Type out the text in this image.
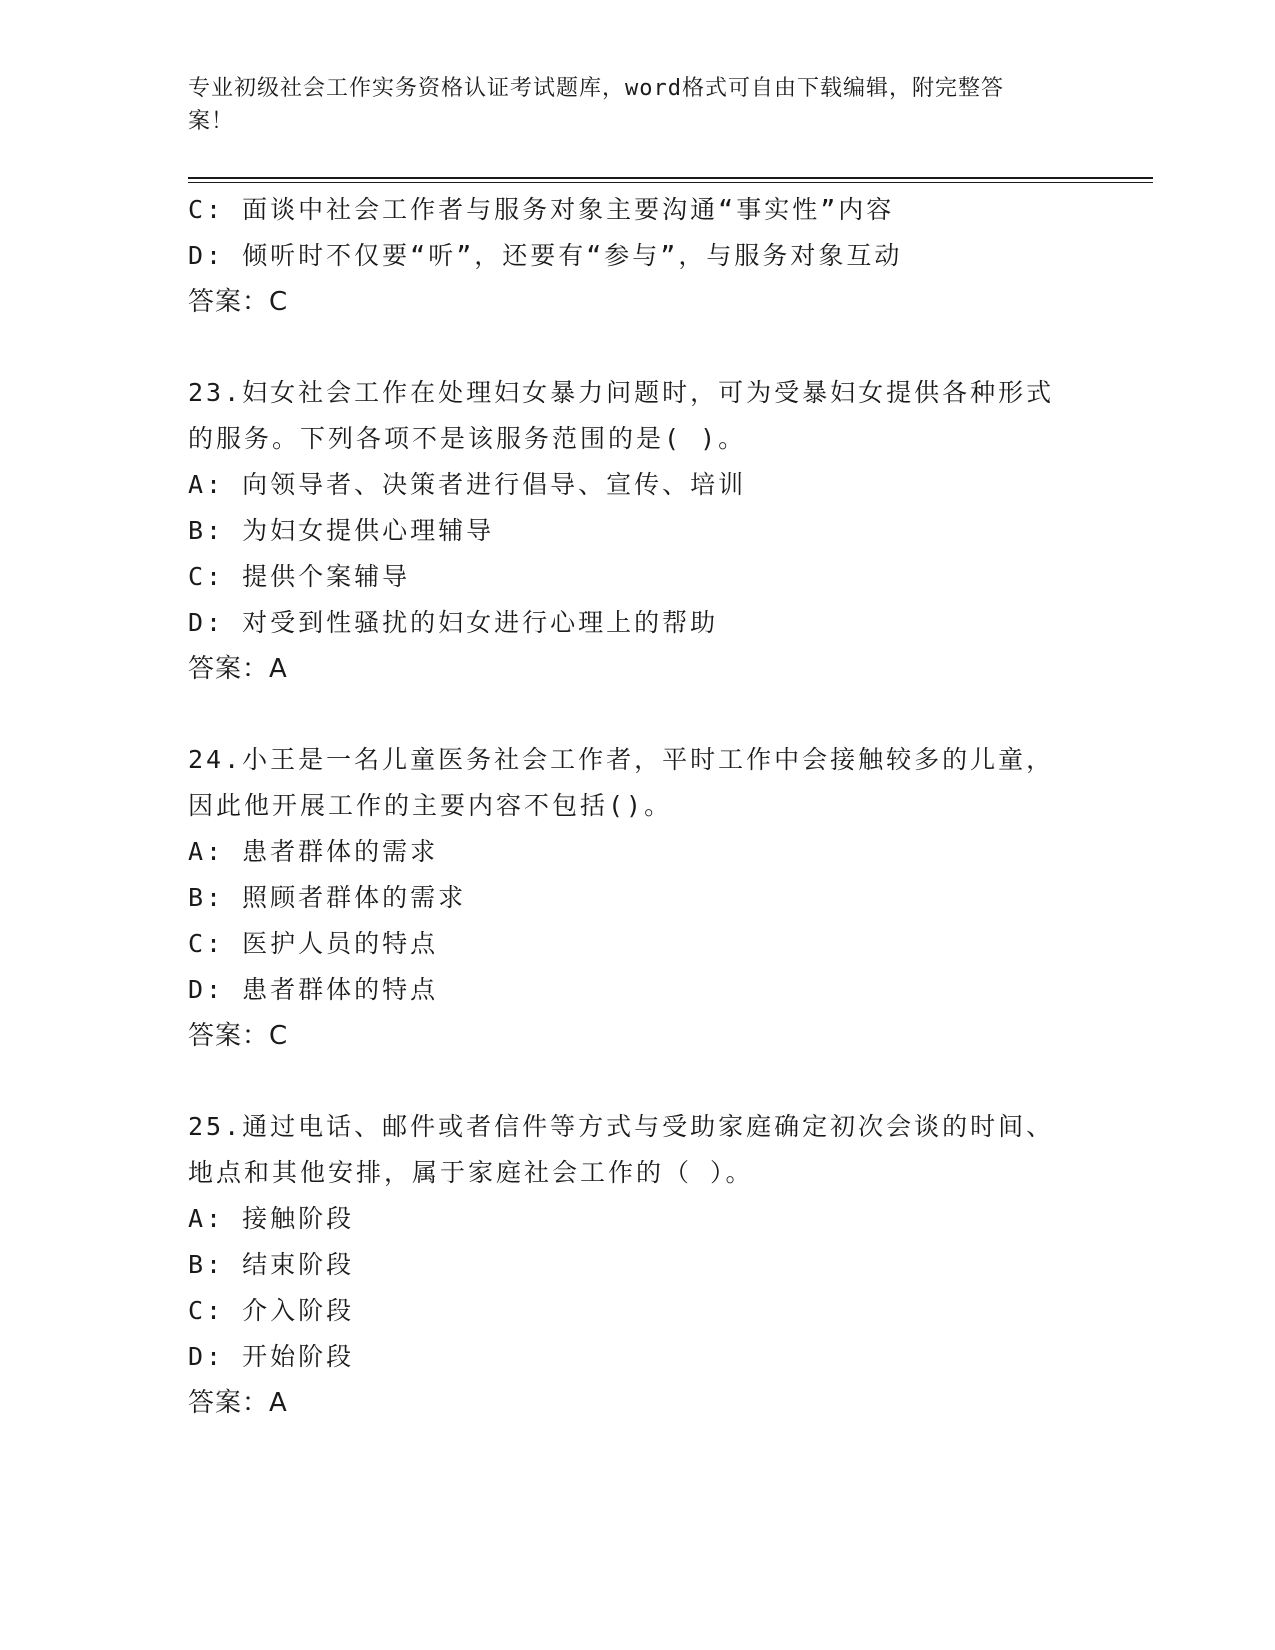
专业初级社会工作实务资格认证考试题库，word格式可自由下载编辑，附完整答
案！
C: 面谈中社会工作者与服务对象主要沟通“事实性”内容
D: 倾听时不仅要“听”，还要有“参与”，与服务对象互动
答案：C
23.妇女社会工作在处理妇女暴力问题时，可为受暴妇女提供各种形式
的服务。下列各项不是该服务范围的是( )。
A: 向领导者、决策者进行倡导、宣传、培训
B: 为妇女提供心理辅导
C: 提供个案辅导
D: 对受到性骚扰的妇女进行心理上的帮助
答案：A
24.小王是一名儿童医务社会工作者，平时工作中会接触较多的儿童，
因此他开展工作的主要内容不包括()。
A: 患者群体的需求
B: 照顾者群体的需求
C: 医护人员的特点
D: 患者群体的特点
答案：C
25.通过电话、邮件或者信件等方式与受助家庭确定初次会谈的时间、
地点和其他安排，属于家庭社会工作的（ ）。
A: 接触阶段
B: 结束阶段
C: 介入阶段
D: 开始阶段
答案：A
